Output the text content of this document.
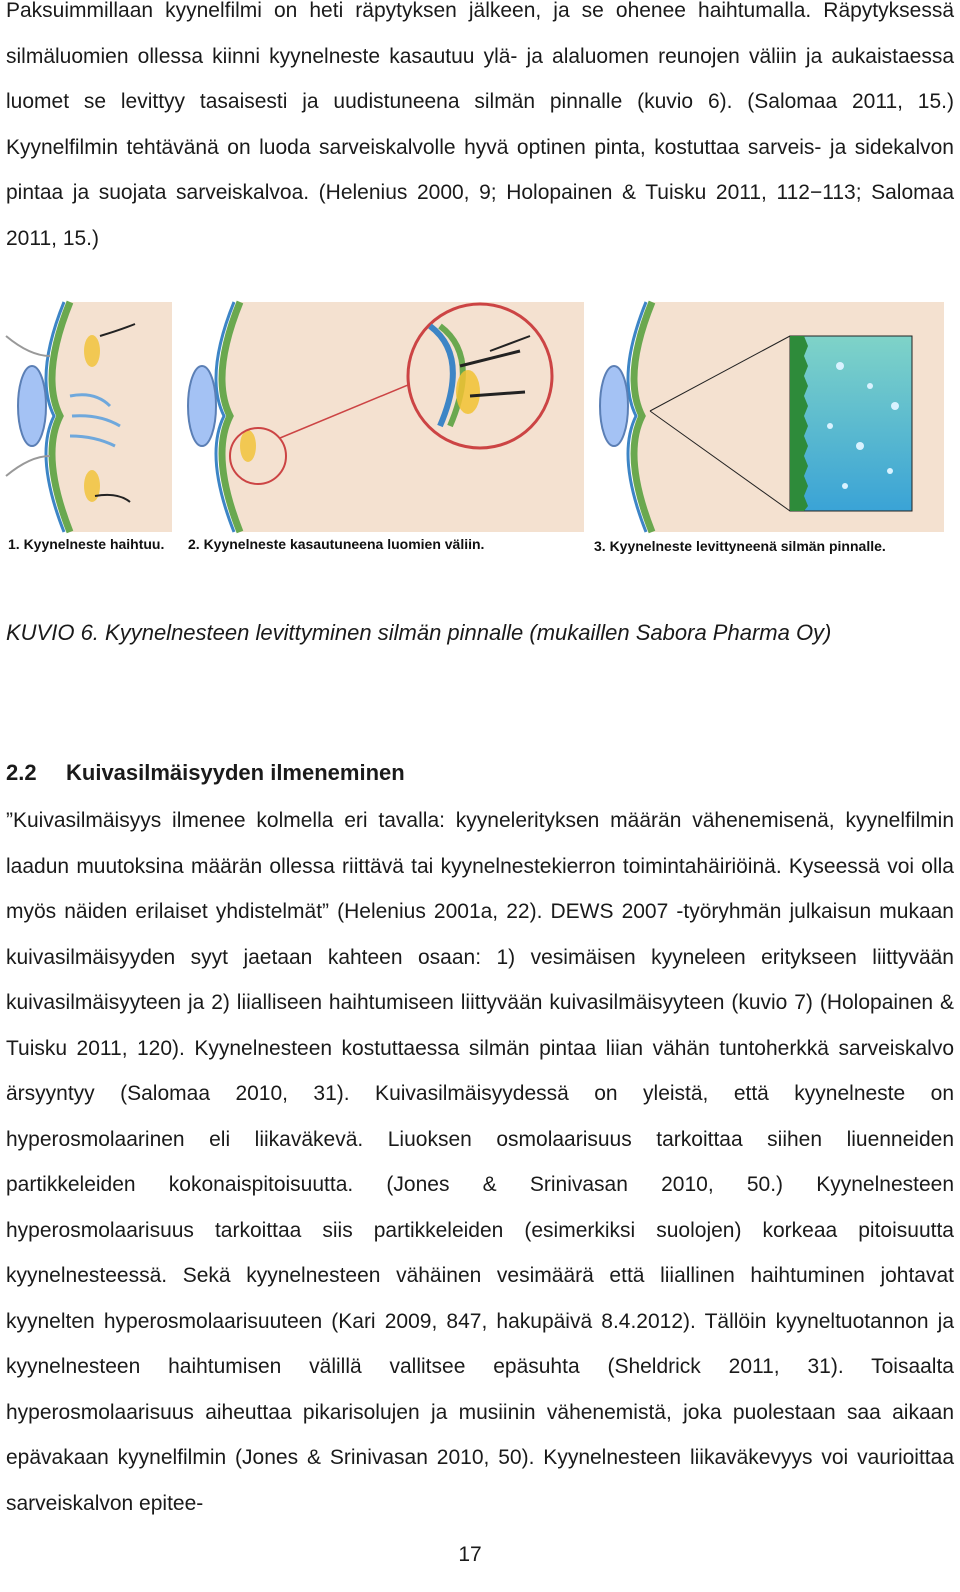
Paksuimmillaan kyynelfilmi on heti räpytyksen jälkeen, ja se ohenee haihtumalla. Räpytyksessä silmäluomien ollessa kiinni kyynelneste kasautuu ylä- ja alaluomen reunojen väliin ja aukaistaessa luomet se levittyy tasaisesti ja uudistuneena silmän pinnalle (kuvio 6). (Salomaa 2011, 15.) Kyynelfilmin tehtävänä on luoda sarveiskalvolle hyvä optinen pinta, kostuttaa sarveis- ja sidekalvon pintaa ja suojata sarveiskalvoa. (Helenius 2000, 9; Holopainen & Tuisku 2011, 112−113; Salomaa 2011, 15.)

1. Kyynelneste haihtuu. 2. Kyynelneste kasautuneena luomien väliin.	3. Kyynelneste levittyneenä silmän pinnalle.
KUVIO 6. Kyynelnesteen levittyminen silmän pinnalle (mukaillen Sabora Pharma Oy)
2.2 Kuivasilmäisyyden ilmeneminen

”Kuivasilmäisyys ilmenee kolmella eri tavalla: kyynelerityksen määrän vähenemisenä, kyynelfilmin laadun muutoksina määrän ollessa riittävä tai kyynelnestekierron toimintahäiriöinä. Kyseessä voi olla myös näiden erilaiset yhdistelmät” (Helenius 2001a, 22). DEWS 2007 -työryhmän julkaisun mukaan kuivasilmäisyyden syyt jaetaan kahteen osaan: 1) vesimäisen kyyneleen eritykseen liittyvään kuivasilmäisyyteen ja 2) liialliseen haihtumiseen liittyvään kuivasilmäisyyteen (kuvio 7) (Holopainen & Tuisku 2011, 120). Kyynelnesteen kostuttaessa silmän pintaa liian vähän tuntoherkkä sarveiskalvo ärsyyntyy (Salomaa 2010, 31). Kuivasilmäisyydessä on yleistä, että kyynelneste on hyperosmolaarinen eli liikaväkevä. Liuoksen osmolaarisuus tarkoittaa siihen liuenneiden partikkeleiden kokonaispitoisuutta. (Jones & Srinivasan 2010, 50.) Kyynelnesteen hyperosmolaarisuus tarkoittaa siis partikkeleiden (esimerkiksi suolojen) korkeaa pitoisuutta kyynelnesteessä. Sekä kyynelnesteen vähäinen vesimäärä että liiallinen haihtuminen johtavat kyynelten hyperosmolaarisuuteen (Kari 2009, 847, hakupäivä 8.4.2012). Tällöin kyyneltuotannon ja kyynelnesteen haihtumisen välillä vallitsee epäsuhta (Sheldrick 2011, 31). Toisaalta hyperosmolaarisuus aiheuttaa pikarisolujen ja musiinin vähenemistä, joka puolestaan saa aikaan epävakaan kyynelfilmin (Jones & Srinivasan 2010, 50). Kyynelnesteen liikaväkevyys voi vaurioittaa sarveiskalvon epitee-

17
